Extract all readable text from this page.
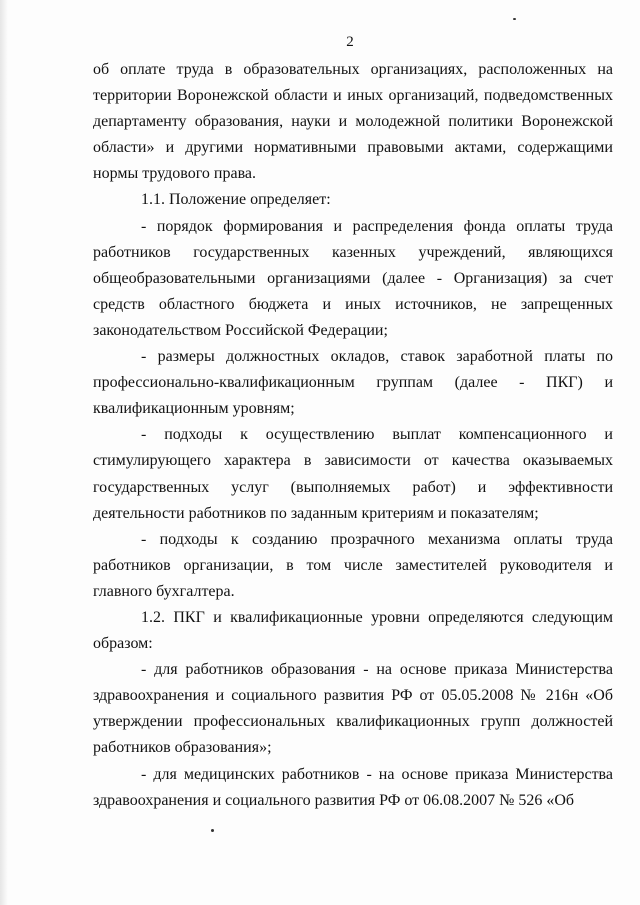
2

об оплате труда в образовательных организациях, расположенных на территории Воронежской области и иных организаций, подведомственных департаменту образования, науки и молодежной политики Воронежской области» и другими нормативными правовыми актами, содержащими нормы трудового права.

1.1. Положение определяет:

- порядок формирования и распределения фонда оплаты труда работников государственных казенных учреждений, являющихся общеобразовательными организациями (далее - Организация) за счет средств областного бюджета и иных источников, не запрещенных законодательством Российской Федерации;

- размеры должностных окладов, ставок заработной платы по профессионально-квалификационным группам (далее - ПКГ) и квалификационным уровням;

- подходы к осуществлению выплат компенсационного и стимулирующего характера в зависимости от качества оказываемых государственных услуг (выполняемых работ) и эффективности деятельности работников по заданным критериям и показателям;

- подходы к созданию прозрачного механизма оплаты труда работников организации, в том числе заместителей руководителя и главного бухгалтера.

1.2. ПКГ и квалификационные уровни определяются следующим образом:

- для работников образования - на основе приказа Министерства здравоохранения и социального развития РФ от 05.05.2008 № 216н «Об утверждении профессиональных квалификационных групп должностей работников образования»;

- для медицинских работников - на основе приказа Министерства здравоохранения и социального развития РФ от 06.08.2007 № 526 «Об
